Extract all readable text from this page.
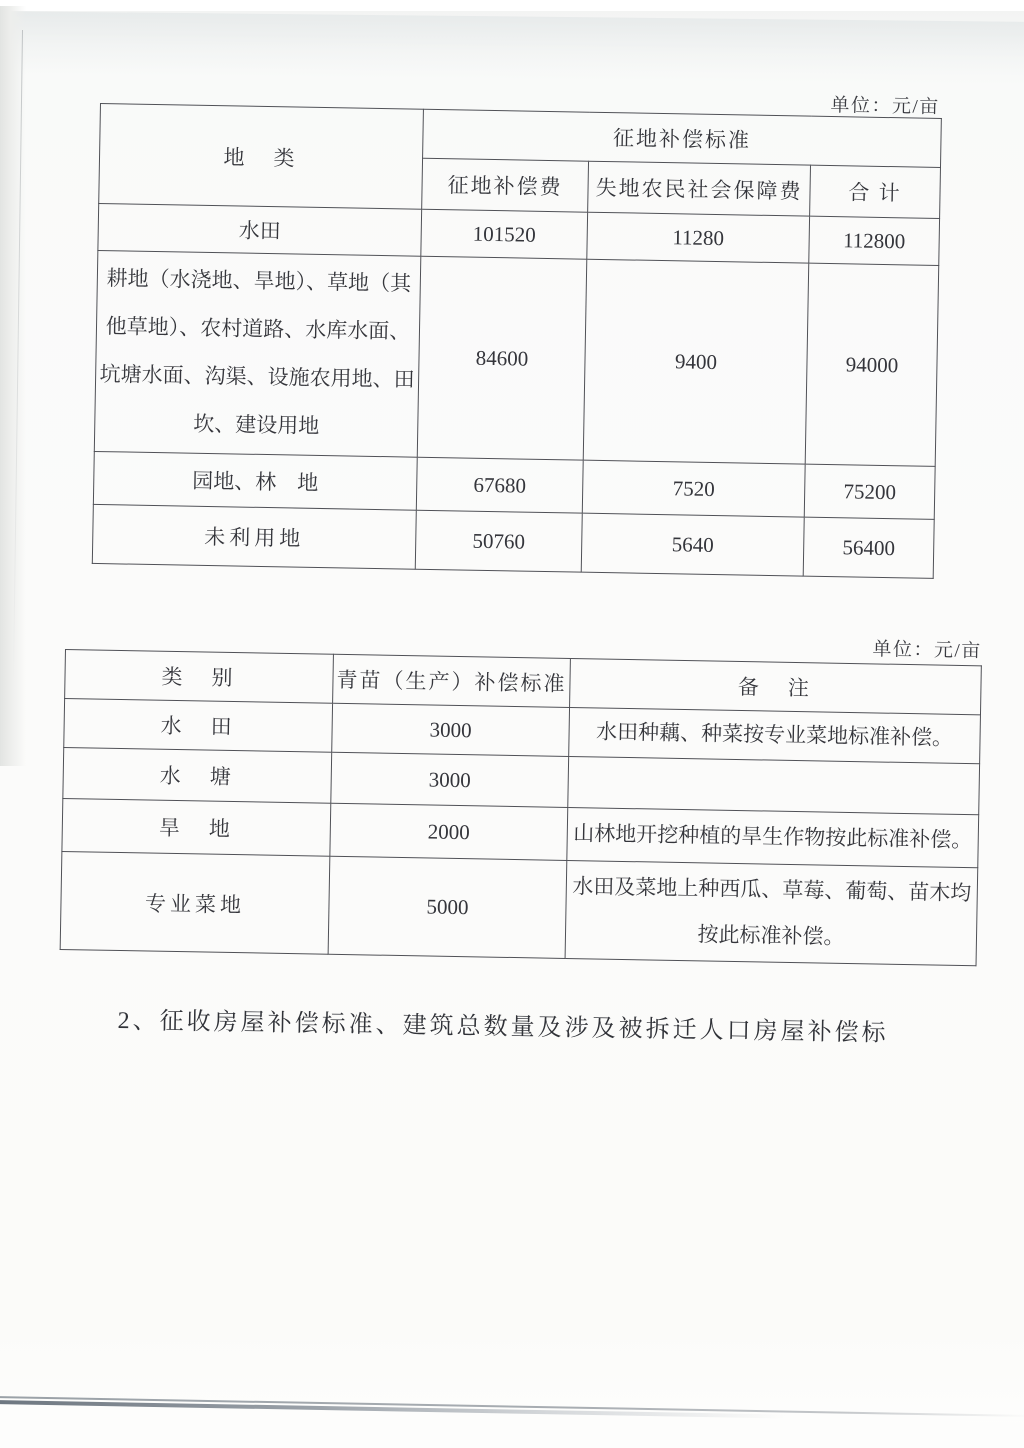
单位：元/亩
地　类	征地补偿标准		
	征地补偿费	失地农民社会保障费	合 计
水田	101520	11280	112800
耕地（水浇地、旱地）、草地（其
他草地）、农村道路、水库水面、
坑塘水面、沟渠、设施农用地、田
坎、建设用地	84600	9400	94000
园地、林　地	67680	7520	75200
未利用地	50760	5640	56400
单位：元/亩
类　别	青苗（生产）补偿标准	备　注
水　田	3000	水田种藕、种菜按专业菜地标准补偿。
水　塘	3000	
旱　地	2000	山林地开挖种植的旱生作物按此标准补偿。
专业菜地	5000	水田及菜地上种西瓜、草莓、葡萄、苗木均
按此标准补偿。
2、征收房屋补偿标准、建筑总数量及涉及被拆迁人口房屋补偿标
